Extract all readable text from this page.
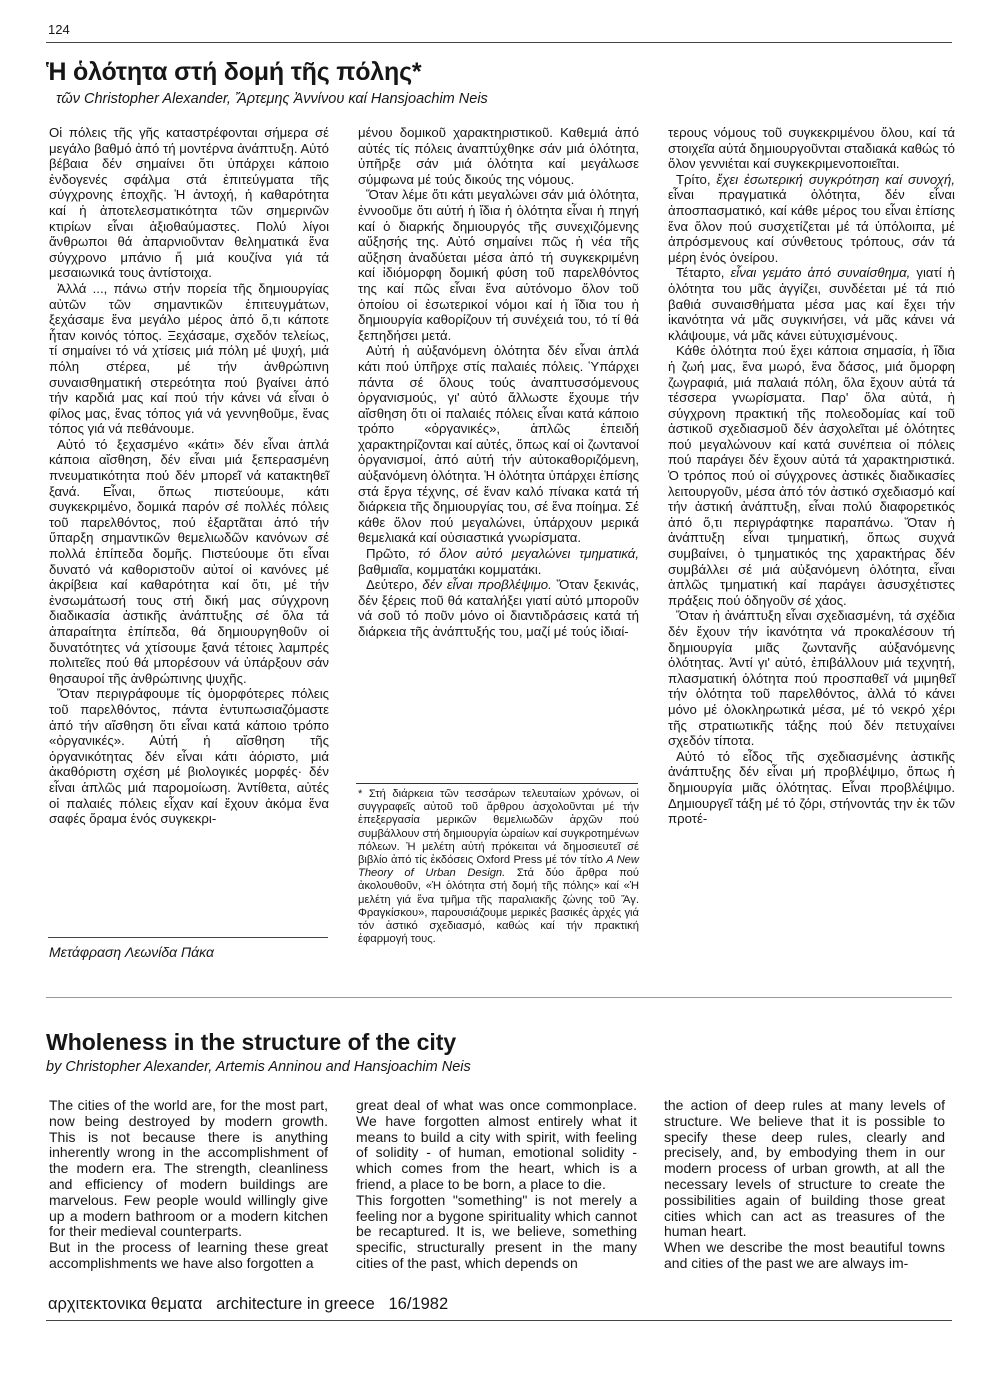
124
Ἡ ὁλότητα στή δομή τῆς πόλης*
τῶν Christopher Alexander, Ἄρτεμης Ἀννίνου καί Hansjoachim Neis

Οἱ πόλεις τῆς γῆς καταστρέφονται σήμερα σέ μεγάλο βαθμό ἀπό τή μοντέρνα ἀνάπτυξη. Αὐτό βέβαια δέν σημαίνει ὅτι ὑπάρχει κάποιο ἐνδογενές σφάλμα στά ἐπιτεύγματα τῆς σύγχρονης ἐποχῆς. Ἡ ἀντοχή, ἡ καθαρότητα καί ἡ ἀποτελεσματικότητα τῶν σημερινῶν κτιρίων εἶναι ἀξιοθαύμαστες. Πολύ λίγοι ἄνθρωποι θά ἀπαρνιοῦνταν θεληματικά ἕνα σύγχρονο μπάνιο ἤ μιά κουζίνα γιά τά μεσαιωνικά τους ἀντίστοιχα.

Ἀλλά ..., πάνω στήν πορεία τῆς δημιουργίας αὐτῶν τῶν σημαντικῶν ἐπιτευγμάτων, ξεχάσαμε ἕνα μεγάλο μέρος ἀπό ὅ,τι κάποτε ἦταν κοινός τόπος. Ξεχάσαμε, σχεδόν τελείως, τί σημαίνει τό νά χτίσεις μιά πόλη μέ ψυχή, μιά πόλη στέρεα, μέ τήν ἀνθρώπινη συναισθηματική στερεότητα πού βγαίνει ἀπό τήν καρδιά μας καί πού τήν κάνει νά εἶναι ὁ φίλος μας, ἕνας τόπος γιά νά γεννηθοῦμε, ἕνας τόπος γιά νά πεθάνουμε.

Αὐτό τό ξεχασμένο «κάτι» δέν εἶναι ἁπλά κάποια αἴσθηση, δέν εἶναι μιά ξεπερασμένη πνευματικότητα πού δέν μπορεῖ νά κατακτηθεῖ ξανά. Εἶναι, ὅπως πιστεύουμε, κάτι συγκεκριμένο, δομικά παρόν σέ πολλές πόλεις τοῦ παρελθόντος, πού ἐξαρτᾶται ἀπό τήν ὕπαρξη σημαντικῶν θεμελιωδῶν κανόνων σέ πολλά ἐπίπεδα δομῆς. Πιστεύουμε ὅτι εἶναι δυνατό νά καθοριστοῦν αὐτοί οἱ κανόνες μέ ἀκρίβεια καί καθαρότητα καί ὅτι, μέ τήν ἐνσωμάτωσή τους στή δική μας σύγχρονη διαδικασία ἀστικῆς ἀνάπτυξης σέ ὅλα τά ἀπαραίτητα ἐπίπεδα, θά δημιουργηθοῦν οἱ δυνατότητες νά χτίσουμε ξανά τέτοιες λαμπρές πολιτεῖες πού θά μπορέσουν νά ὑπάρξουν σάν θησαυροί τῆς ἀνθρώπινης ψυχῆς.

Ὅταν περιγράφουμε τίς ὀμορφότερες πόλεις τοῦ παρελθόντος, πάντα ἐντυπωσιαζόμαστε ἀπό τήν αἴσθηση ὅτι εἶναι κατά κάποιο τρόπο «ὀργανικές». Αὐτή ἡ αἴσθηση τῆς ὀργανικότητας δέν εἶναι κάτι ἀόριστο, μιά ἀκαθόριστη σχέση μέ βιολογικές μορφές· δέν εἶναι ἁπλῶς μιά παρομοίωση. Ἀντίθετα, αὐτές οἱ παλαιές πόλεις εἶχαν καί ἔχουν ἀκόμα ἕνα σαφές ὅραμα ἑνός συγκεκρι-

Μετάφραση Λεωνίδα Πάκα

μένου δομικοῦ χαρακτηριστικοῦ. Καθεμιά ἀπό αὐτές τίς πόλεις ἀναπτύχθηκε σάν μιά ὁλότητα, ὑπῆρξε σάν μιά ὁλότητα καί μεγάλωσε σύμφωνα μέ τούς δικούς της νόμους.

Ὅταν λέμε ὅτι κάτι μεγαλώνει σάν μιά ὁλότητα, ἐννοοῦμε ὅτι αὐτή ἡ ἴδια ἡ ὁλότητα εἶναι ἡ πηγή καί ὁ διαρκής δημιουργός τῆς συνεχιζόμενης αὔξησής της. Αὐτό σημαίνει πῶς ἡ νέα τῆς αὔξηση ἀναδύεται μέσα ἀπό τή συγκεκριμένη καί ἰδιόμορφη δομική φύση τοῦ παρελθόντος της καί πῶς εἶναι ἕνα αὐτόνομο ὅλον τοῦ ὁποίου οἱ ἐσωτερικοί νόμοι καί ἡ ἴδια του ἡ δημιουργία καθορίζουν τή συνέχειά του, τό τί θά ξεπηδήσει μετά.

Αὐτή ἡ αὐξανόμενη ὁλότητα δέν εἶναι ἁπλά κάτι πού ὑπῆρχε στίς παλαιές πόλεις. Ὑπάρχει πάντα σέ ὅλους τούς ἀναπτυσσόμενους ὀργανισμούς, γι' αὐτό ἄλλωστε ἔχουμε τήν αἴσθηση ὅτι οἱ παλαιές πόλεις εἶναι κατά κάποιο τρόπο «ὀργανικές», ἁπλῶς ἐπειδή χαρακτηρίζονται καί αὐτές, ὅπως καί οἱ ζωντανοί ὀργανισμοί, ἀπό αὐτή τήν αὐτοκαθοριζόμενη, αὐξανόμενη ὁλότητα. Ἡ ὁλότητα ὑπάρχει ἐπίσης στά ἔργα τέχνης, σέ ἕναν καλό πίνακα κατά τή διάρκεια τῆς δημιουργίας του, σέ ἕνα ποίημα. Σέ κάθε ὅλον πού μεγαλώνει, ὑπάρχουν μερικά θεμελιακά καί οὐσιαστικά γνωρίσματα.

Πρῶτο, τό ὅλον αὐτό μεγαλώνει τμηματικά, βαθμιαῖα, κομματάκι κομματάκι.

Δεύτερο, δέν εἶναι προβλέψιμο. Ὅταν ξεκινάς, δέν ξέρεις ποῦ θά καταλήξει γιατί αὐτό μποροῦν νά σοῦ τό ποῦν μόνο οἱ διαντιδράσεις κατά τή διάρκεια τῆς ἀνάπτυξής του, μαζί μέ τούς ἰδιαί-

* Στή διάρκεια τῶν τεσσάρων τελευταίων χρόνων, οἱ συγγραφεῖς αὐτοῦ τοῦ ἄρθρου ἀσχολοῦνται μέ τήν ἐπεξεργασία μερικῶν θεμελιωδῶν ἀρχῶν πού συμβάλλουν στή δημιουργία ὡραίων καί συγκροτημένων πόλεων. Ἡ μελέτη αὐτή πρόκειται νά δημοσιευτεῖ σέ βιβλίο ἀπό τίς ἐκδόσεις Oxford Press μέ τόν τίτλο A New Theory of Urban Design. Στά δύο ἄρθρα πού ἀκολουθοῦν, «Ἡ ὁλότητα στή δομή τῆς πόλης» καί «Ἡ μελέτη γιά ἕνα τμῆμα τῆς παραλιακῆς ζώνης τοῦ Ἅγ. Φραγκίσκου», παρουσιάζουμε μερικές βασικές ἀρχές γιά τόν ἀστικό σχεδιασμό, καθώς καί τήν πρακτική ἐφαρμογή τους.

τερους νόμους τοῦ συγκεκριμένου ὅλου, καί τά στοιχεῖα αὐτά δημιουργοῦνται σταδιακά καθώς τό ὅλον γεννιέται καί συγκεκριμενοποιεῖται.

Τρίτο, ἔχει ἐσωτερική συγκρότηση καί συνοχή, εἶναι πραγματικά ὁλότητα, δέν εἶναι ἀποσπασματικό, καί κάθε μέρος του εἶναι ἐπίσης ἕνα ὅλον πού συσχετίζεται μέ τά ὑπόλοιπα, μέ ἀπρόσμενους καί σύνθετους τρόπους, σάν τά μέρη ἑνός ὀνείρου.

Τέταρτο, εἶναι γεμάτο ἀπό συναίσθημα, γιατί ἡ ὁλότητα του μᾶς ἀγγίζει, συνδέεται μέ τά πιό βαθιά συναισθήματα μέσα μας καί ἔχει τήν ἱκανότητα νά μᾶς συγκινήσει, νά μᾶς κάνει νά κλάψουμε, νά μᾶς κάνει εὐτυχισμένους.

Κάθε ὁλότητα πού ἔχει κάποια σημασία, ἡ ἴδια ἡ ζωή μας, ἕνα μωρό, ἕνα δάσος, μιά ὄμορφη ζωγραφιά, μιά παλαιά πόλη, ὅλα ἔχουν αὐτά τά τέσσερα γνωρίσματα. Παρ' ὅλα αὐτά, ἡ σύγχρονη πρακτική τῆς πολεοδομίας καί τοῦ ἀστικοῦ σχεδιασμοῦ δέν ἀσχολεῖται μέ ὁλότητες πού μεγαλώνουν καί κατά συνέπεια οἱ πόλεις πού παράγει δέν ἔχουν αὐτά τά χαρακτηριστικά. Ὁ τρόπος πού οἱ σύγχρονες ἀστικές διαδικασίες λειτουργοῦν, μέσα ἀπό τόν ἀστικό σχεδιασμό καί τήν ἀστική ἀνάπτυξη, εἶναι πολύ διαφορετικός ἀπό ὅ,τι περιγράφτηκε παραπάνω. Ὅταν ἡ ἀνάπτυξη εἶναι τμηματική, ὅπως συχνά συμβαίνει, ὁ τμηματικός της χαρακτήρας δέν συμβάλλει σέ μιά αὐξανόμενη ὁλότητα, εἶναι ἁπλῶς τμηματική καί παράγει ἀσυσχέτιστες πράξεις πού ὁδηγοῦν σέ χάος.

Ὅταν ἡ ἀνάπτυξη εἶναι σχεδιασμένη, τά σχέδια δέν ἔχουν τήν ἱκανότητα νά προκαλέσουν τή δημιουργία μιᾶς ζωντανῆς αὐξανόμενης ὁλότητας. Ἀντί γι' αὐτό, ἐπιβάλλουν μιά τεχνητή, πλασματική ὁλότητα πού προσπαθεῖ νά μιμηθεῖ τήν ὁλότητα τοῦ παρελθόντος, ἀλλά τό κάνει μόνο μέ ὁλοκληρωτικά μέσα, μέ τό νεκρό χέρι τῆς στρατιωτικῆς τάξης πού δέν πετυχαίνει σχεδόν τίποτα.

Αὐτό τό εἶδος τῆς σχεδιασμένης ἀστικῆς ἀνάπτυξης δέν εἶναι μή προβλέψιμο, ὅπως ἡ δημιουργία μιᾶς ὁλότητας. Εἶναι προβλέψιμο. Δημιουργεῖ τάξη μέ τό ζόρι, στήνοντάς την ἐκ τῶν προτέ-

Wholeness in the structure of the city
by Christopher Alexander, Artemis Anninou and Hansjoachim Neis

The cities of the world are, for the most part, now being destroyed by modern growth. This is not because there is anything inherently wrong in the accomplishment of the modern era. The strength, cleanliness and efficiency of modern buildings are marvelous. Few people would willingly give up a modern bathroom or a modern kitchen for their medieval counterparts.

But in the process of learning these great accomplishments we have also forgotten a

great deal of what was once commonplace. We have forgotten almost entirely what it means to build a city with spirit, with feeling of solidity - of human, emotional solidity - which comes from the heart, which is a friend, a place to be born, a place to die.

This forgotten "something" is not merely a feeling nor a bygone spirituality which cannot be recaptured. It is, we believe, something specific, structurally present in the many cities of the past, which depends on

the action of deep rules at many levels of structure. We believe that it is possible to specify these deep rules, clearly and precisely, and, by embodying them in our modern process of urban growth, at all the necessary levels of structure to create the possibilities again of building those great cities which can act as treasures of the human heart.

When we describe the most beautiful towns and cities of the past we are always im-

αρχιτεκτονικα θεματα   architecture in greece   16/1982
